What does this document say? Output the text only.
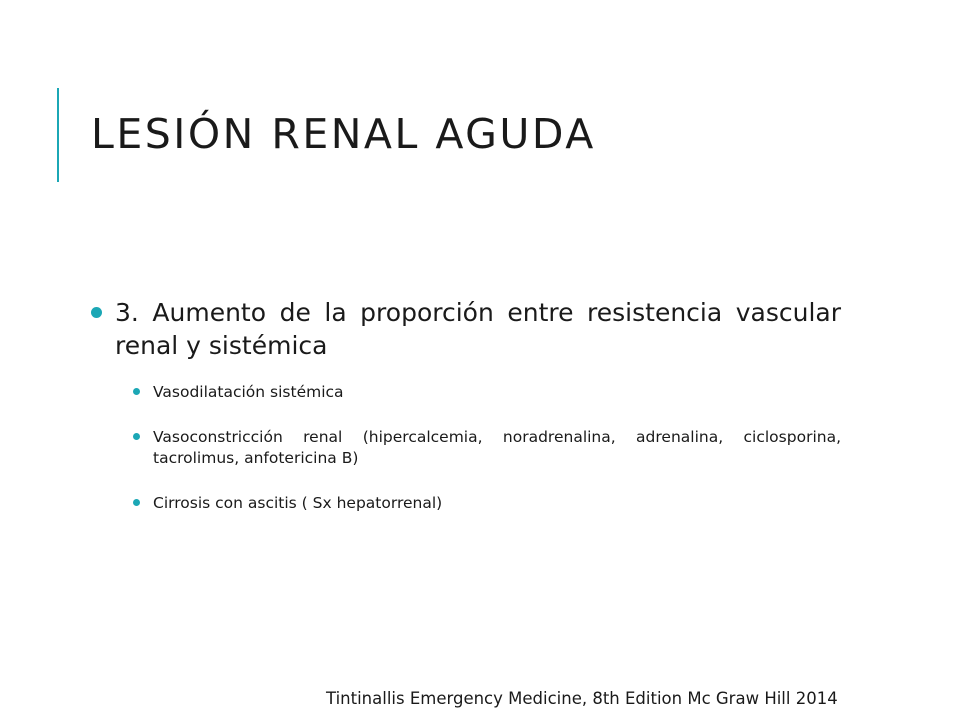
LESIÓN RENAL AGUDA
3. Aumento de la proporción entre resistencia vascular renal y sistémica
Vasodilatación sistémica
Vasoconstricción renal (hipercalcemia, noradrenalina, adrenalina, ciclosporina, tacrolimus, anfotericina B)
Cirrosis con ascitis ( Sx hepatorrenal)
Tintinallis Emergency Medicine, 8th Edition Mc Graw Hill 2014
